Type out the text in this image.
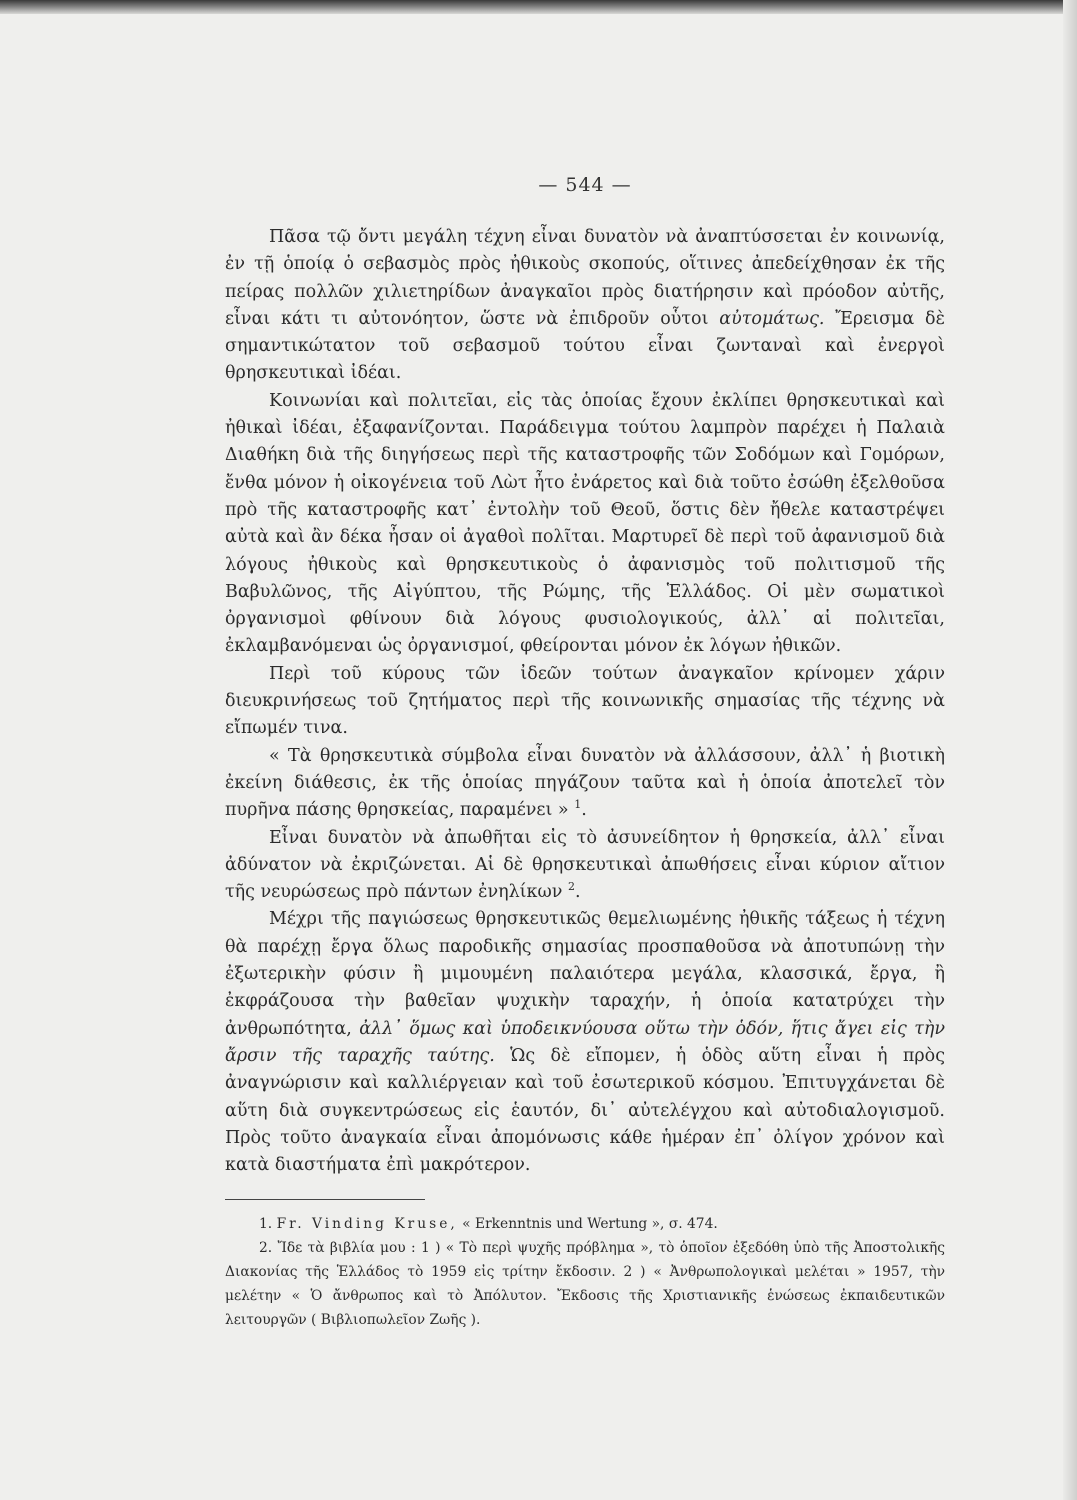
— 544 —

Πᾶσα τῷ ὄντι μεγάλη τέχνη εἶναι δυνατὸν νὰ ἀναπτύσσεται ἐν κοινωνίᾳ, ἐν τῇ ὁποίᾳ ὁ σεβασμὸς πρὸς ἠθικοὺς σκοπούς, οἵτινες ἀπεδείχθησαν ἐκ τῆς πείρας πολλῶν χιλιετηρίδων ἀναγκαῖοι πρὸς διατήρησιν καὶ πρόοδον αὐτῆς, εἶναι κάτι τι αὐτονόητον, ὥστε νὰ ἐπιδροῦν οὗτοι αὐτομάτως. Ἔρεισμα δὲ σημαντικώτατον τοῦ σεβασμοῦ τούτου εἶναι ζωνταναὶ καὶ ἐνεργοὶ θρησκευτικαὶ ἰδέαι.

Κοινωνίαι καὶ πολιτεῖαι, εἰς τὰς ὁποίας ἔχουν ἐκλίπει θρησκευτικαὶ καὶ ἠθικαὶ ἰδέαι, ἐξαφανίζονται. Παράδειγμα τούτου λαμπρὸν παρέχει ἡ Παλαιὰ Διαθήκη διὰ τῆς διηγήσεως περὶ τῆς καταστροφῆς τῶν Σοδόμων καὶ Γομόρων, ἔνθα μόνον ἡ οἰκογένεια τοῦ Λὼτ ἦτο ἐνάρετος καὶ διὰ τοῦτο ἐσώθη ἐξελθοῦσα πρὸ τῆς καταστροφῆς κατ᾽ ἐντολὴν τοῦ Θεοῦ, ὅστις δὲν ἤθελε καταστρέψει αὐτὰ καὶ ἂν δέκα ἦσαν οἱ ἀγαθοὶ πολῖται. Μαρτυρεῖ δὲ περὶ τοῦ ἀφανισμοῦ διὰ λόγους ἠθικοὺς καὶ θρησκευτικοὺς ὁ ἀφανισμὸς τοῦ πολιτισμοῦ τῆς Βαβυλῶνος, τῆς Αἰγύπτου, τῆς Ρώμης, τῆς Ἑλλάδος. Οἱ μὲν σωματικοὶ ὀργανισμοὶ φθίνουν διὰ λόγους φυσιολογικούς, ἀλλ᾽ αἱ πολιτεῖαι, ἐκλαμβανόμεναι ὡς ὀργανισμοί, φθείρονται μόνον ἐκ λόγων ἠθικῶν.

Περὶ τοῦ κύρους τῶν ἰδεῶν τούτων ἀναγκαῖον κρίνομεν χάριν διευκρινήσεως τοῦ ζητήματος περὶ τῆς κοινωνικῆς σημασίας τῆς τέχνης νὰ εἴπωμέν τινα.

« Τὰ θρησκευτικὰ σύμβολα εἶναι δυνατὸν νὰ ἀλλάσσουν, ἀλλ᾽ ἡ βιοτικὴ ἐκείνη διάθεσις, ἐκ τῆς ὁποίας πηγάζουν ταῦτα καὶ ἡ ὁποία ἀποτελεῖ τὸν πυρῆνα πάσης θρησκείας, παραμένει » $^1$.

Εἶναι δυνατὸν νὰ ἀπωθῆται εἰς τὸ ἀσυνείδητον ἡ θρησκεία, ἀλλ᾽ εἶναι ἀδύνατον νὰ ἐκριζώνεται. Αἱ δὲ θρησκευτικαὶ ἀπωθήσεις εἶναι κύριον αἴτιον τῆς νευρώσεως πρὸ πάντων ἐνηλίκων $^2$.

Μέχρι τῆς παγιώσεως θρησκευτικῶς θεμελιωμένης ἠθικῆς τάξεως ἡ τέχνη θὰ παρέχῃ ἔργα ὅλως παροδικῆς σημασίας προσπαθοῦσα νὰ ἀποτυπώνῃ τὴν ἐξωτερικὴν φύσιν ἢ μιμουμένη παλαιότερα μεγάλα, κλασσικά, ἔργα, ἢ ἐκφράζουσα τὴν βαθεῖαν ψυχικὴν ταραχήν, ἡ ὁποία κατατρύχει τὴν ἀνθρωπότητα, ἀλλ᾽ ὅμως καὶ ὑποδεικνύουσα οὕτω τὴν ὁδόν, ἥτις ἄγει εἰς τὴν ἄρσιν τῆς ταραχῆς ταύτης. Ὡς δὲ εἴπομεν, ἡ ὁδὸς αὕτη εἶναι ἡ πρὸς ἀναγνώρισιν καὶ καλλιέργειαν καὶ τοῦ ἐσωτερικοῦ κόσμου. Ἐπιτυγχάνεται δὲ αὕτη διὰ συγκεντρώσεως εἰς ἑαυτόν, δι᾽ αὐτελέγχου καὶ αὐτοδιαλογισμοῦ. Πρὸς τοῦτο ἀναγκαία εἶναι ἀπομόνωσις κάθε ἡμέραν ἐπ᾽ ὀλίγον χρόνον καὶ κατὰ διαστήματα ἐπὶ μακρότερον.

1. Fr. Vinding Kruse, « Erkenntnis und Wertung », σ. 474.

2. Ἴδε τὰ βιβλία μου : 1 ) « Τὸ περὶ ψυχῆς πρόβλημα », τὸ ὁποῖον ἐξεδόθη ὑπὸ τῆς Ἀποστολικῆς Διακονίας τῆς Ἑλλάδος τὸ 1959 εἰς τρίτην ἔκδοσιν. 2 ) « Ἀνθρωπολογικαὶ μελέται » 1957, τὴν μελέτην « Ὁ ἄνθρωπος καὶ τὸ Ἀπόλυτον. Ἔκδοσις τῆς Χριστιανικῆς ἑνώσεως ἐκπαιδευτικῶν λειτουργῶν ( Βιβλιοπωλεῖον Ζωῆς ).
